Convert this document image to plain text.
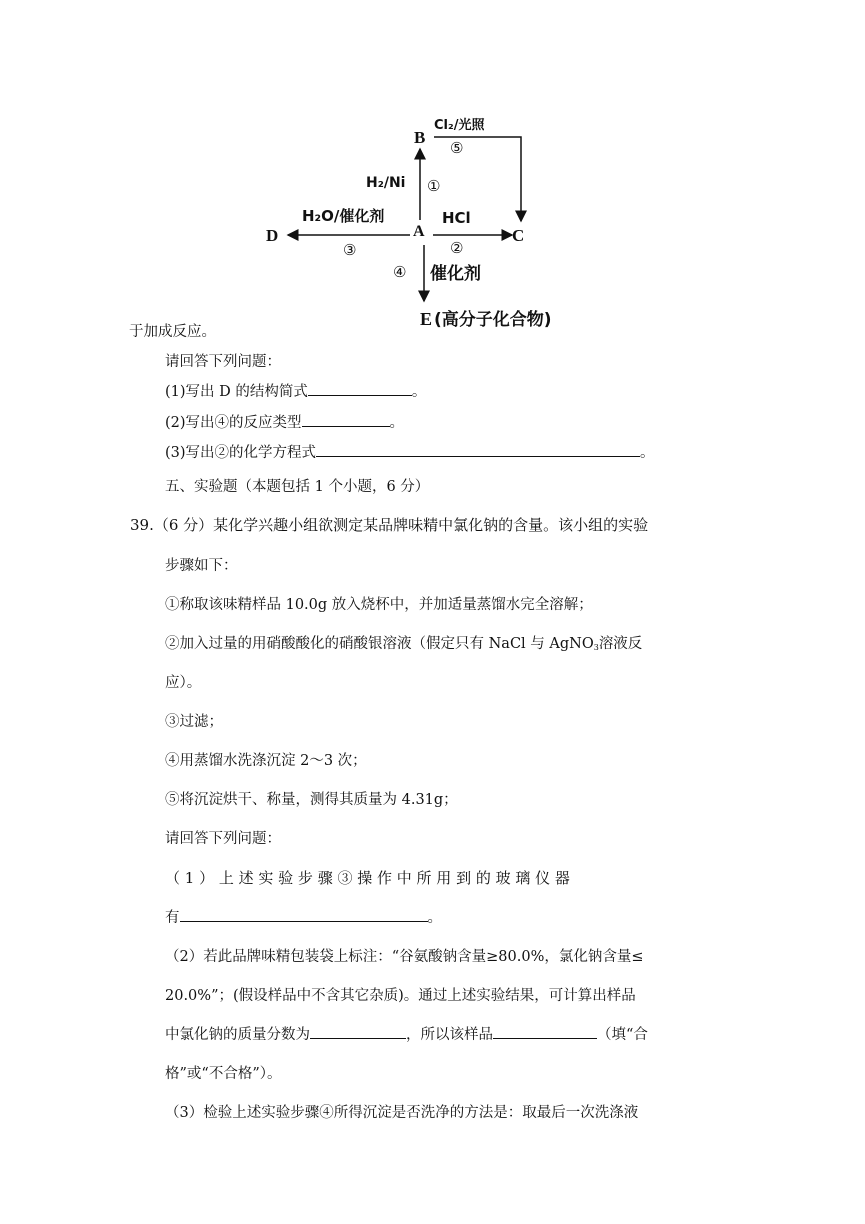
B
A	C
D
E (高分子化合物)
Cl₂/光照
⑤
H₂/Ni ①
H₂O/催化剂
③
HCl
②
④ 催化剂
于加成反应。
请回答下列问题：
(1)写出 D 的结构简式	。
(2)写出④的反应类型	。
(3)写出②的化学方程式	。
五、实验题（本题包括 1 个小题，6 分）
39.（6 分）某化学兴趣小组欲测定某品牌味精中氯化钠的含量。该小组的实验
步骤如下：
①称取该味精样品 10.0g 放入烧杯中，并加适量蒸馏水完全溶解；
②加入过量的用硝酸酸化的硝酸银溶液（假定只有 NaCl 与 AgNO$_3$溶液反
应）。
③过滤；
④用蒸馏水洗涤沉淀 2～3 次；
⑤将沉淀烘干、称量，测得其质量为 4.31g；
请回答下列问题：
（ 1 ） 上 述 实 验 步 骤 ③ 操 作 中 所 用 到 的 玻 璃 仪 器
有	。
（2）若此品牌味精包装袋上标注：“谷氨酸钠含量≥80.0%，氯化钠含量≤
20.0%”；(假设样品中不含其它杂质)。通过上述实验结果，可计算出样品
中氯化钠的质量分数为	，所以该样品	（填“合
格”或“不合格”）。
（3）检验上述实验步骤④所得沉淀是否洗净的方法是：取最后一次洗涤液
